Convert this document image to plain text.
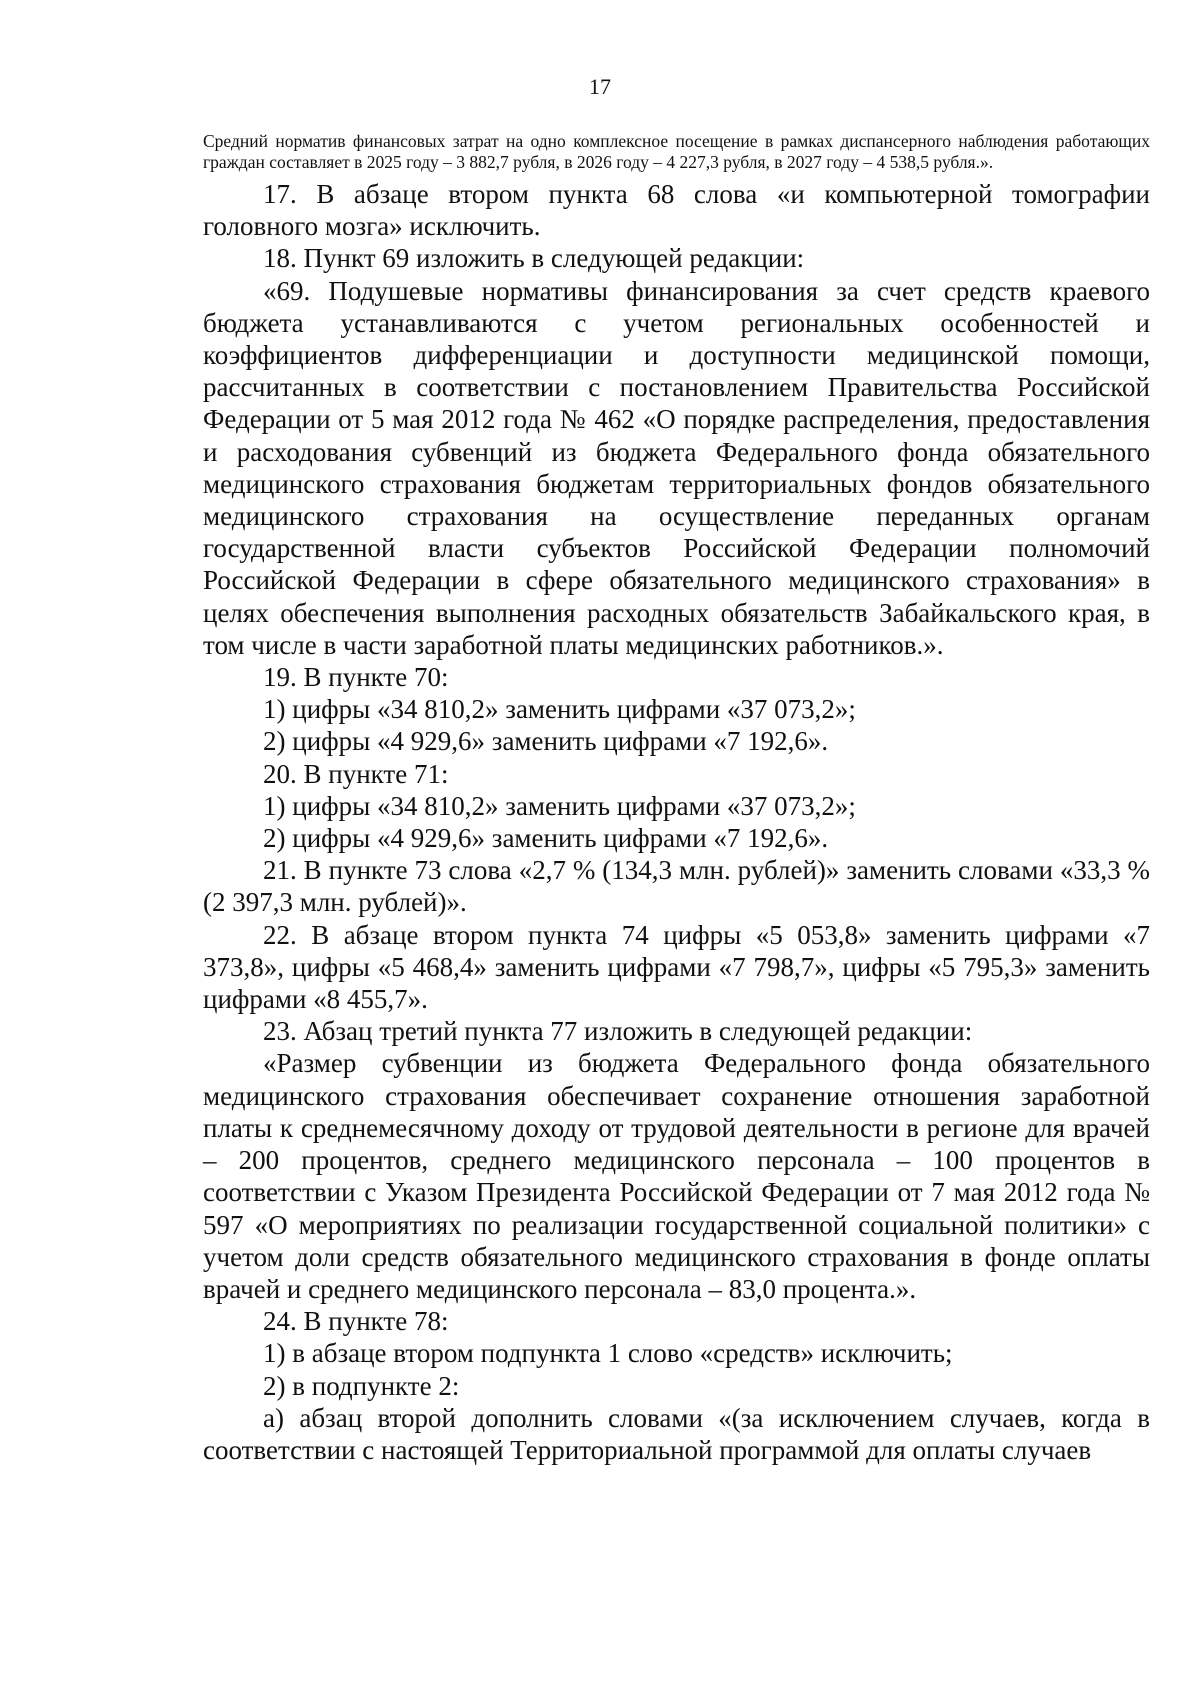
17

Средний норматив финансовых затрат на одно комплексное посещение в рамках диспансерного наблюдения работающих граждан составляет в 2025 году – 3 882,7 рубля, в 2026 году – 4 227,3 рубля, в 2027 году – 4 538,5 рубля.».

17. В абзаце втором пункта 68 слова «и компьютерной томографии головного мозга» исключить.

18. Пункт 69 изложить в следующей редакции:

«69. Подушевые нормативы финансирования за счет средств краевого бюджета устанавливаются с учетом региональных особенностей и коэффициентов дифференциации и доступности медицинской помощи, рассчитанных в соответствии с постановлением Правительства Российской Федерации от 5 мая 2012 года № 462 «О порядке распределения, предоставления и расходования субвенций из бюджета Федерального фонда обязательного медицинского страхования бюджетам территориальных фондов обязательного медицинского страхования на осуществление переданных органам государственной власти субъектов Российской Федерации полномочий Российской Федерации в сфере обязательного медицинского страхования» в целях обеспечения выполнения расходных обязательств Забайкальского края, в том числе в части заработной платы медицинских работников.».

19. В пункте 70:

1) цифры «34 810,2» заменить цифрами «37 073,2»;

2) цифры «4 929,6» заменить цифрами «7 192,6».

20. В пункте 71:

1) цифры «34 810,2» заменить цифрами «37 073,2»;

2) цифры «4 929,6» заменить цифрами «7 192,6».

21. В пункте 73 слова «2,7 % (134,3 млн. рублей)» заменить словами «33,3 % (2 397,3 млн. рублей)».

22. В абзаце втором пункта 74 цифры «5 053,8» заменить цифрами «7 373,8», цифры «5 468,4» заменить цифрами «7 798,7», цифры «5 795,3» заменить цифрами «8 455,7».

23. Абзац третий пункта 77 изложить в следующей редакции:

«Размер субвенции из бюджета Федерального фонда обязательного медицинского страхования обеспечивает сохранение отношения заработной платы к среднемесячному доходу от трудовой деятельности в регионе для врачей – 200 процентов, среднего медицинского персонала – 100 процентов в соответствии с Указом Президента Российской Федерации от 7 мая 2012 года № 597 «О мероприятиях по реализации государственной социальной политики» с учетом доли средств обязательного медицинского страхования в фонде оплаты врачей и среднего медицинского персонала – 83,0 процента.».

24. В пункте 78:

1) в абзаце втором подпункта 1 слово «средств» исключить;

2) в подпункте 2:

а) абзац второй дополнить словами «(за исключением случаев, когда в соответствии с настоящей Территориальной программой для оплаты случаев
